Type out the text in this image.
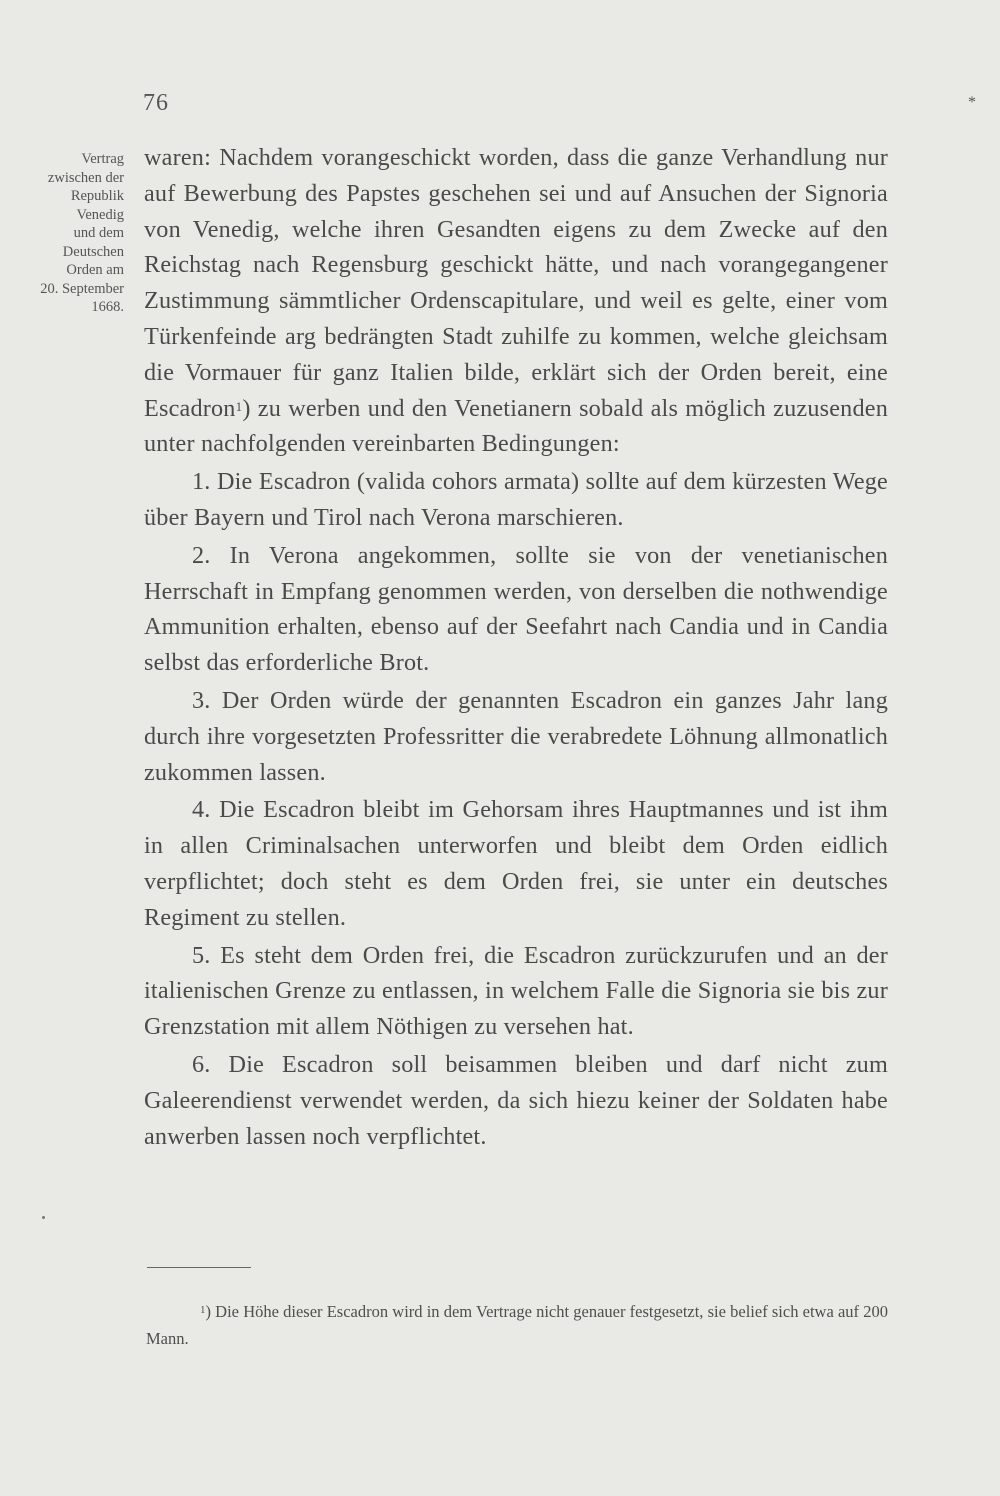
76	*
Vertrag
zwischen der
Republik
Venedig
und dem
Deutschen
Orden am
20. September
1668.

waren: Nachdem vorangeschickt worden, dass die ganze Verhandlung nur auf Bewerbung des Papstes geschehen sei und auf Ansuchen der Signoria von Venedig, welche ihren Gesandten eigens zu dem Zwecke auf den Reichstag nach Regensburg geschickt hätte, und nach vorangegangener Zustimmung sämmtlicher Ordenscapitulare, und weil es gelte, einer vom Türkenfeinde arg bedrängten Stadt zuhilfe zu kommen, welche gleichsam die Vormauer für ganz Italien bilde, erklärt sich der Orden bereit, eine Escadron$^1$) zu werben und den Venetianern sobald als möglich zuzusenden unter nachfolgenden vereinbarten Bedingungen:

1. Die Escadron (valida cohors armata) sollte auf dem kürzesten Wege über Bayern und Tirol nach Verona marschieren.

2. In Verona angekommen, sollte sie von der venetianischen Herrschaft in Empfang genommen werden, von derselben die nothwendige Ammunition erhalten, ebenso auf der Seefahrt nach Candia und in Candia selbst das erforderliche Brot.

3. Der Orden würde der genannten Escadron ein ganzes Jahr lang durch ihre vorgesetzten Professritter die verabredete Löhnung allmonatlich zukommen lassen.

4. Die Escadron bleibt im Gehorsam ihres Hauptmannes und ist ihm in allen Criminalsachen unterworfen und bleibt dem Orden eidlich verpflichtet; doch steht es dem Orden frei, sie unter ein deutsches Regiment zu stellen.

5. Es steht dem Orden frei, die Escadron zurückzurufen und an der italienischen Grenze zu entlassen, in welchem Falle die Signoria sie bis zur Grenzstation mit allem Nöthigen zu versehen hat.

6. Die Escadron soll beisammen bleiben und darf nicht zum Galeerendienst verwendet werden, da sich hiezu keiner der Soldaten habe anwerben lassen noch verpflichtet.

$^1$) Die Höhe dieser Escadron wird in dem Vertrage nicht genauer festgesetzt, sie belief sich etwa auf 200 Mann.
